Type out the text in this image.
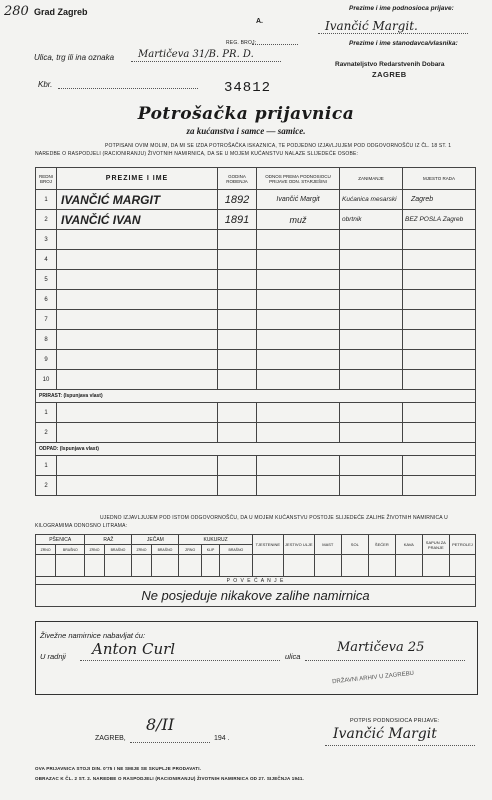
280 Grad Zagreb
A.
REG. BROJ:
Ulica, trg ili ina oznaka Martičeva 31/B. PR. D.
Kbr.	34812
Prezime i ime podnosioca prijave:
Ivančić Margit.
Prezime i ime stanodavca/vlasnika:
Ravnateljstvo Redarstvenih Dobara
ZAGREB
Potrošačka prijavnica
za kućanstva i samce — samice.
POTPISANI OVIM MOLIM, DA MI SE IZDA POTROŠAČKA ISKAZNICA, TE PODJEDNO IZJAVLJUJEM POD ODGOVORNOŠĆU IZ ČL. 18 ST. 1 NAREDBE O RASPODJELI (RACIONIRANJU) ŽIVOTNIH NAMIRNICA, DA SE U MOJEM KUĆANSTVU NALAZE SLIJEDEĆE OSOBE:
REDNI BROJ	PREZIME I IME	GODINA ROĐENJA	ODNOS PREMA PODNOSIOCU PRIJAVE ODN. STARJEŠINI	ZANIMANJE	MJESTO RADA
1	IVANČIĆ MARGIT	1892	Ivančić Margit	Kućanica mesarski	Zagreb
2	IVANČIĆ IVAN	1891	muž	obrtnik	BEZ POSLA Zagreb
3					
4					
5					
6					
7					
8					
9					
10					
PRIRAST: (Ispunjava vlast)					
1					
2					
ODPAD: (Ispunjava vlast)					
1					
2					
UJEDNO IZJAVLJUJEM POD ISTOM ODGOVORNOŠĆU, DA U MOJEM KUĆANSTVU POSTOJE SLIJEDEĆE ZALIHE ŽIVOTNIH NAMIRNICA U KILOGRAMIMA ODNOSNO LITRAMA:
PŠENICA		RAŽ		JEČAM		KUKURUZ			TJESTENINE	JESTIVO ULJE	MAST	SOL	ŠEĆER	KAVA	SAPUN ZA PRANJE	PETROLEJ
ZRNO	BRAŠNO	ZRNO	BRAŠNO	ZRNO	BRAŠNO	ZRNO	KLIP	BRAŠNO								

P O V E Ć A N J E																
Ne posjeduje nikakove zalihe namirnica																
Živežne namirnice nabavljat ću:
U radnji Anton Curl	ulica
Martičeva 25
DRŽAVNI ARHIV U ZAGREBU
ZAGREB,
8/II
194 .
POTPIS PODNOSIOCA PRIJAVE:
Ivančić Margit
OVA PRIJAVNICA STOJI DIN. 0'75 I NE SMIJE SE SKUPLJE PRODAVATI.
OBRAZAC K ČL. 2 ST. 2. NAREDBE O RASPODJELI (RACIONIRANJU) ŽIVOTNIH NAMIRNICA OD 27. SIJEČNJA 1941.
